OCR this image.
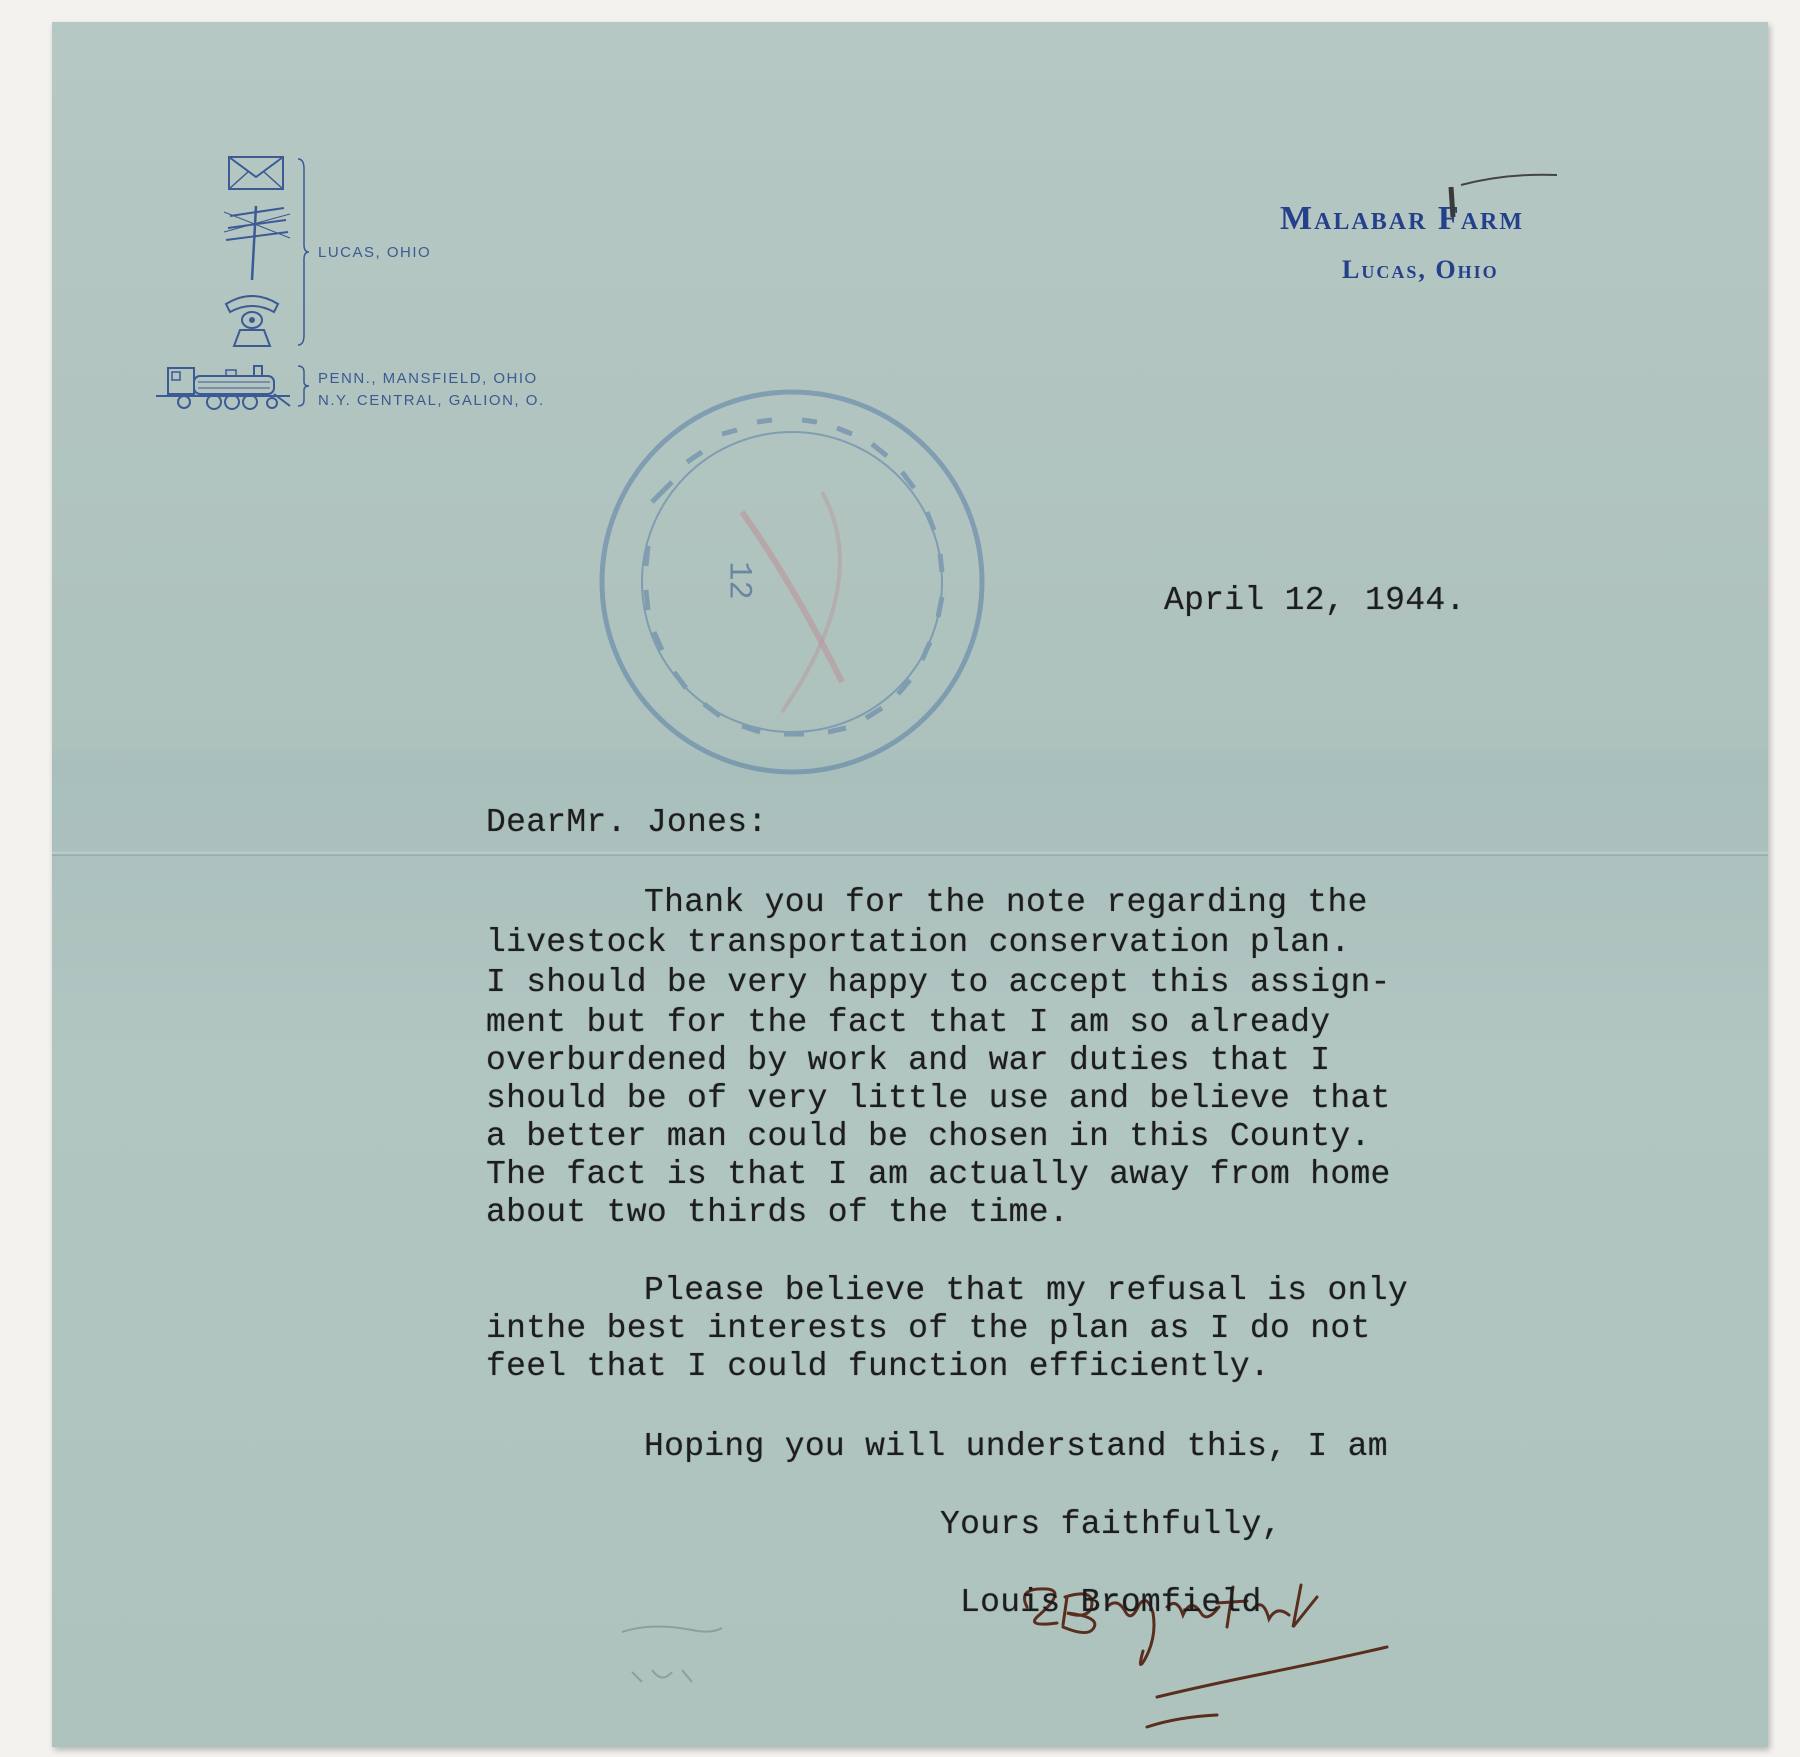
LUCAS, OHIO
PENN., MANSFIELD, OHIO
N.Y. CENTRAL, GALION, O.
Malabar Farm
Lucas, Ohio
12
April 12, 1944.
DearMr. Jones:
Thank you for the note regarding the
livestock transportation conservation plan.
I should be very happy to accept this assign-
ment but for the fact that I am so already
overburdened by work and war duties that I
should be of very little use and believe that
a better man could be chosen in this County.
The fact is that I am actually away from home
about two thirds of the time.
Please believe that my refusal is only
inthe best interests of the plan as I do not
feel that I could function efficiently.
Hoping you will understand this, I am
Yours faithfully,
Louis Bromfield
